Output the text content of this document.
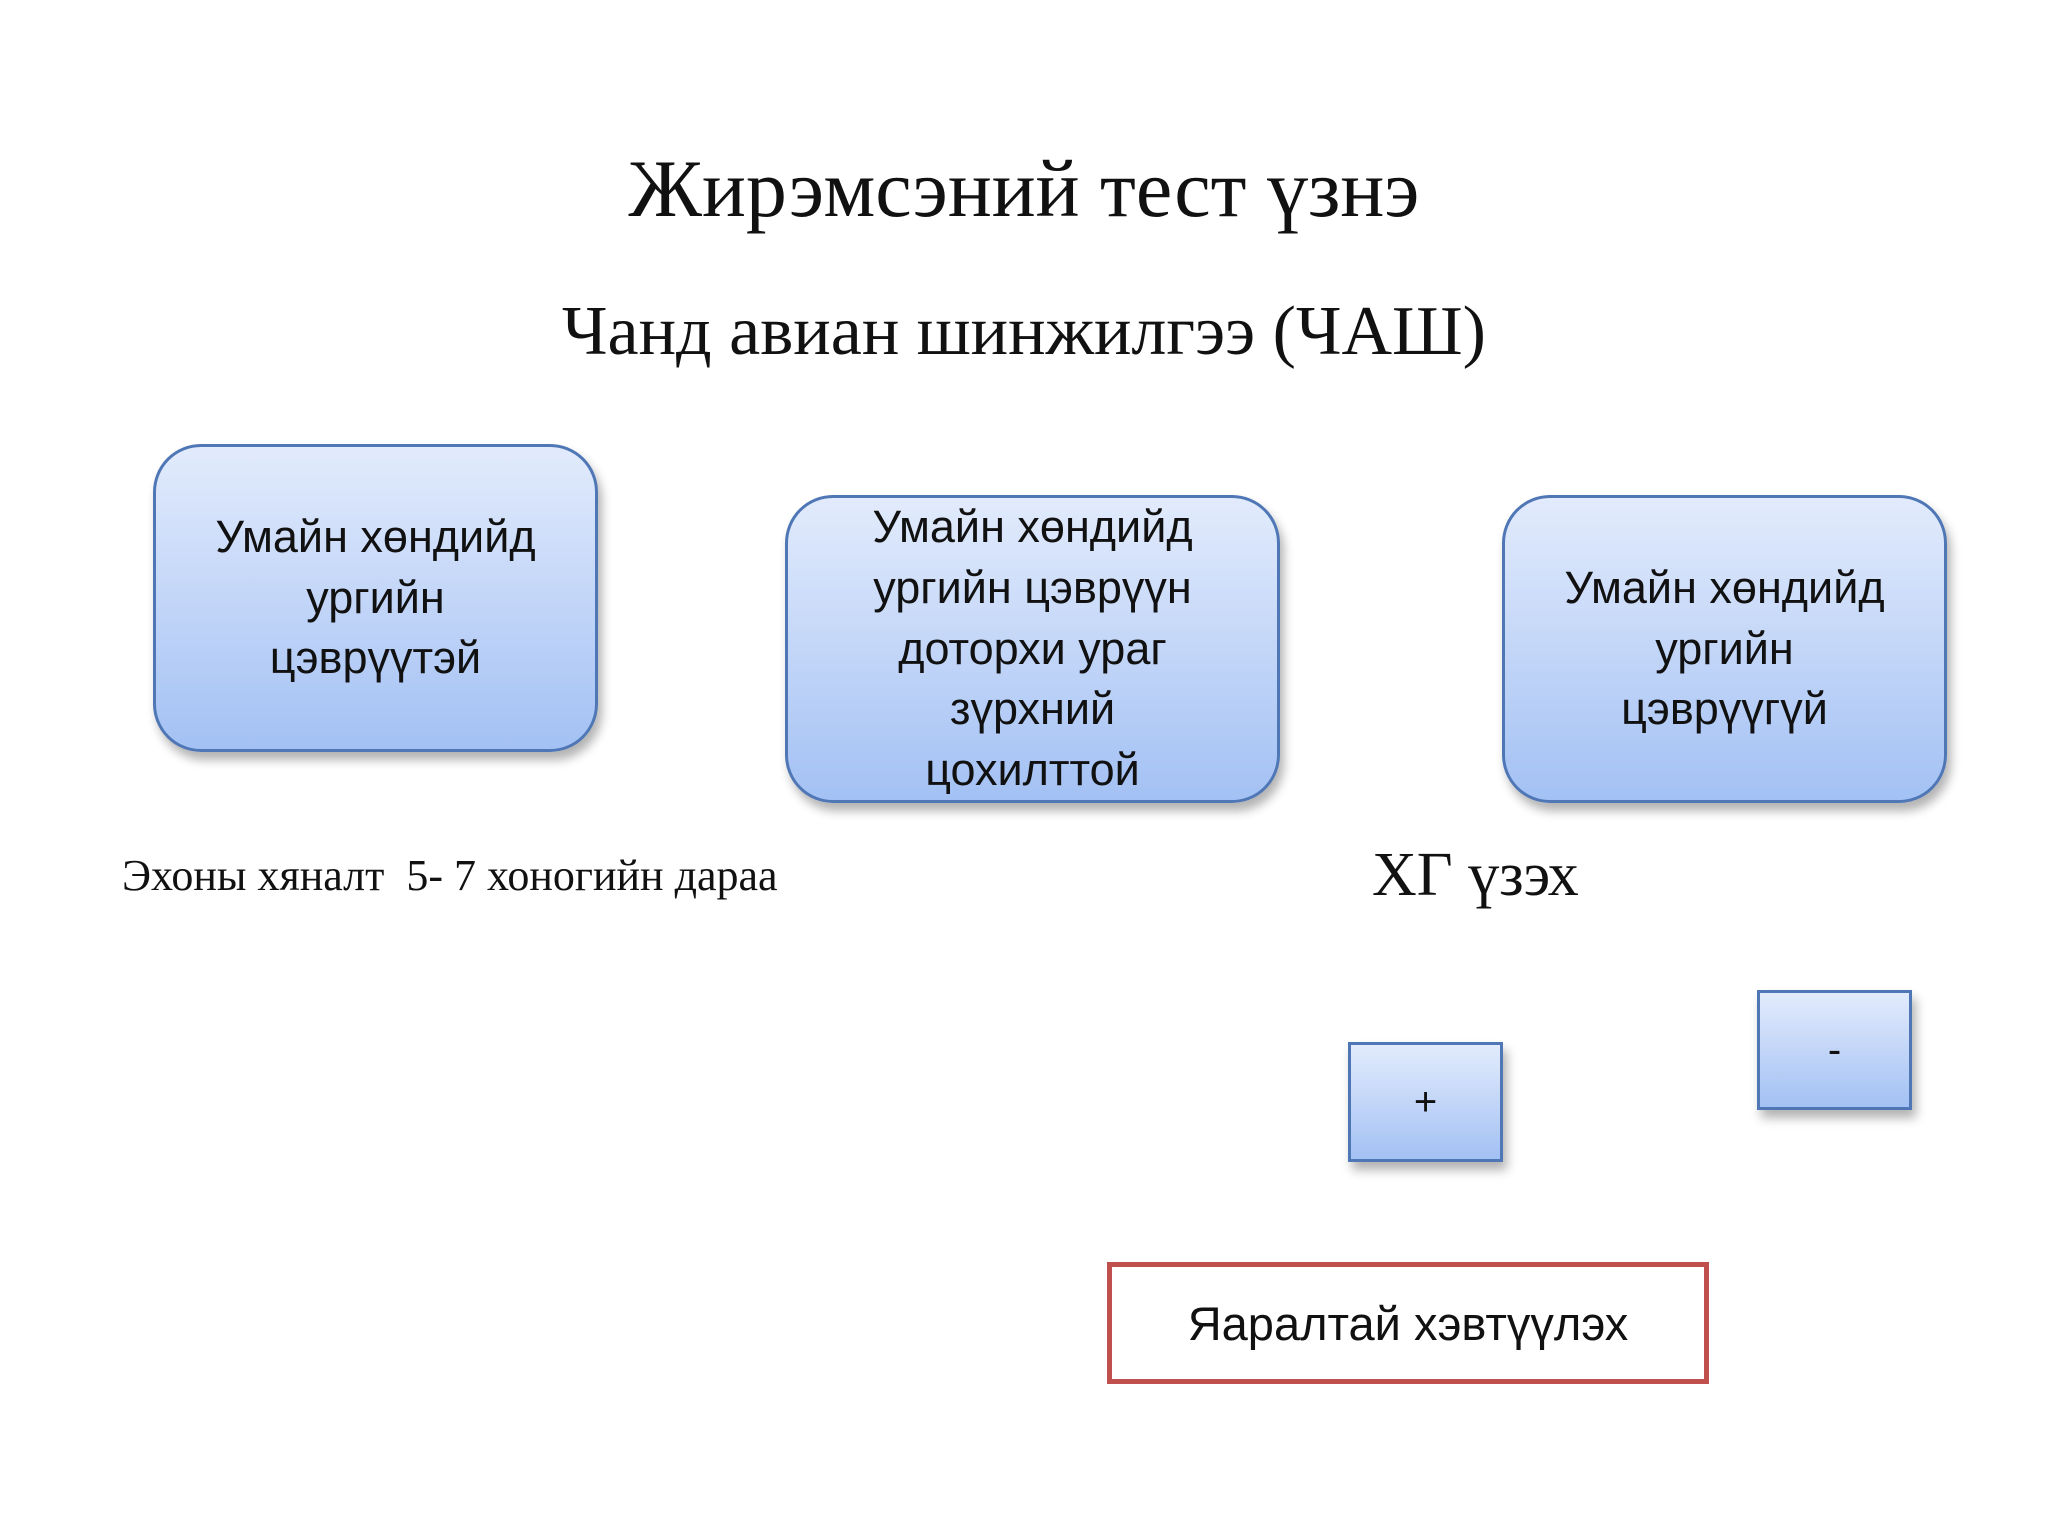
Жирэмсэний тест үзнэ
Чанд авиан шинжилгээ (ЧАШ)
Умайн хөндийд
ургийн
цэврүүтэй
Умайн хөндийд
ургийн цэврүүн
доторхи ураг
зүрхний
цохилттой
Умайн хөндийд
ургийн
цэврүүгүй
Эхоны хяналт  5- 7 хоногийн дараа	ХГ үзэх
+
-
Яаралтай хэвтүүлэх
